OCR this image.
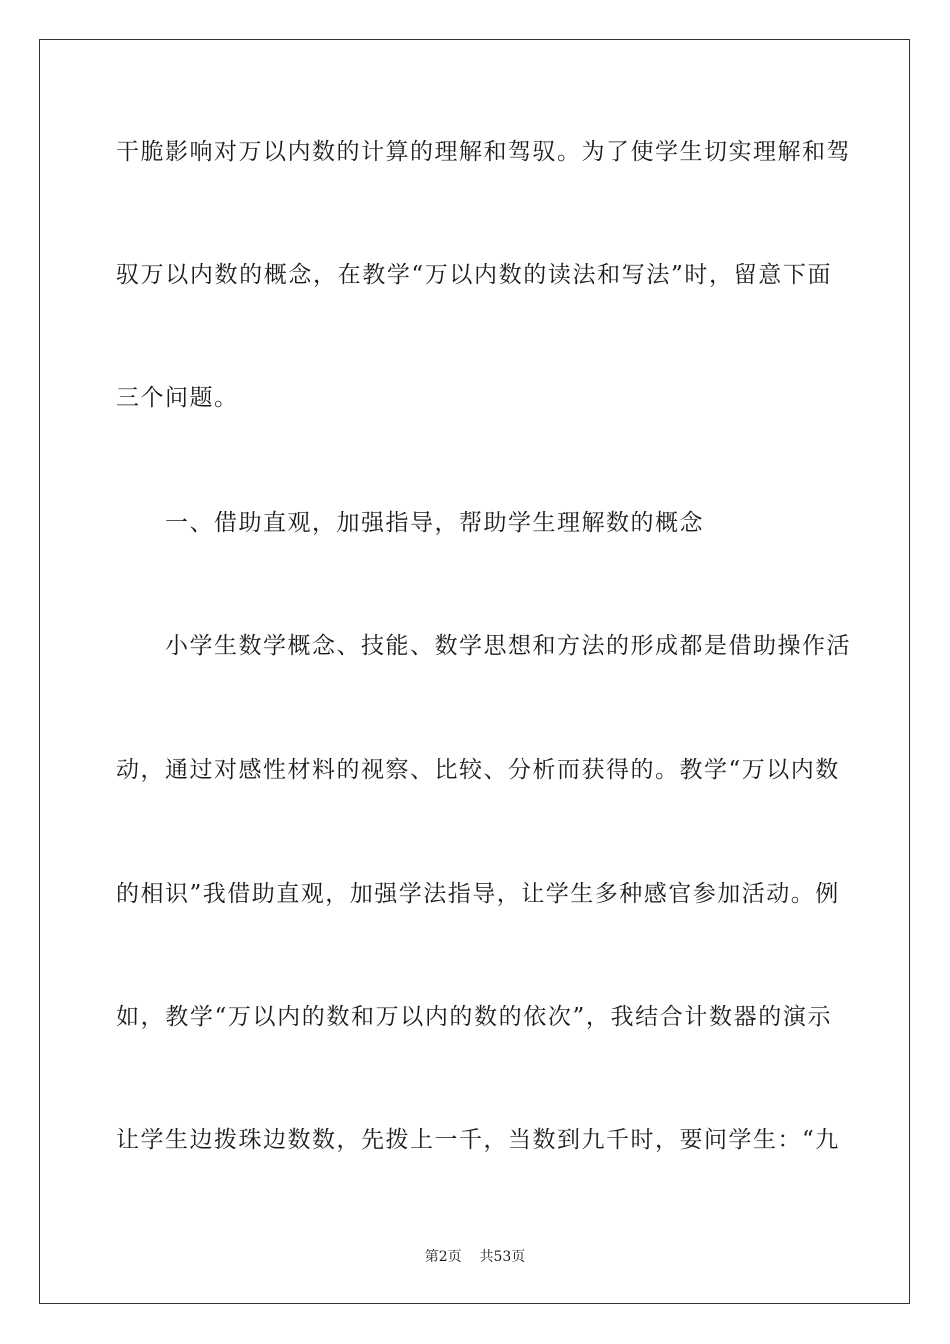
干脆影响对万以内数的计算的理解和驾驭。为了使学生切实理解和驾
驭万以内数的概念，在教学“万以内数的读法和写法”时，留意下面
三个问题。
一、借助直观，加强指导，帮助学生理解数的概念
小学生数学概念、技能、数学思想和方法的形成都是借助操作活
动，通过对感性材料的视察、比较、分析而获得的。教学“万以内数
的相识”我借助直观，加强学法指导，让学生多种感官参加活动。例
如，教学“万以内的数和万以内的数的依次”，我结合计数器的演示
让学生边拨珠边数数，先拨上一千，当数到九千时，要问学生：“九
第2页 共53页
